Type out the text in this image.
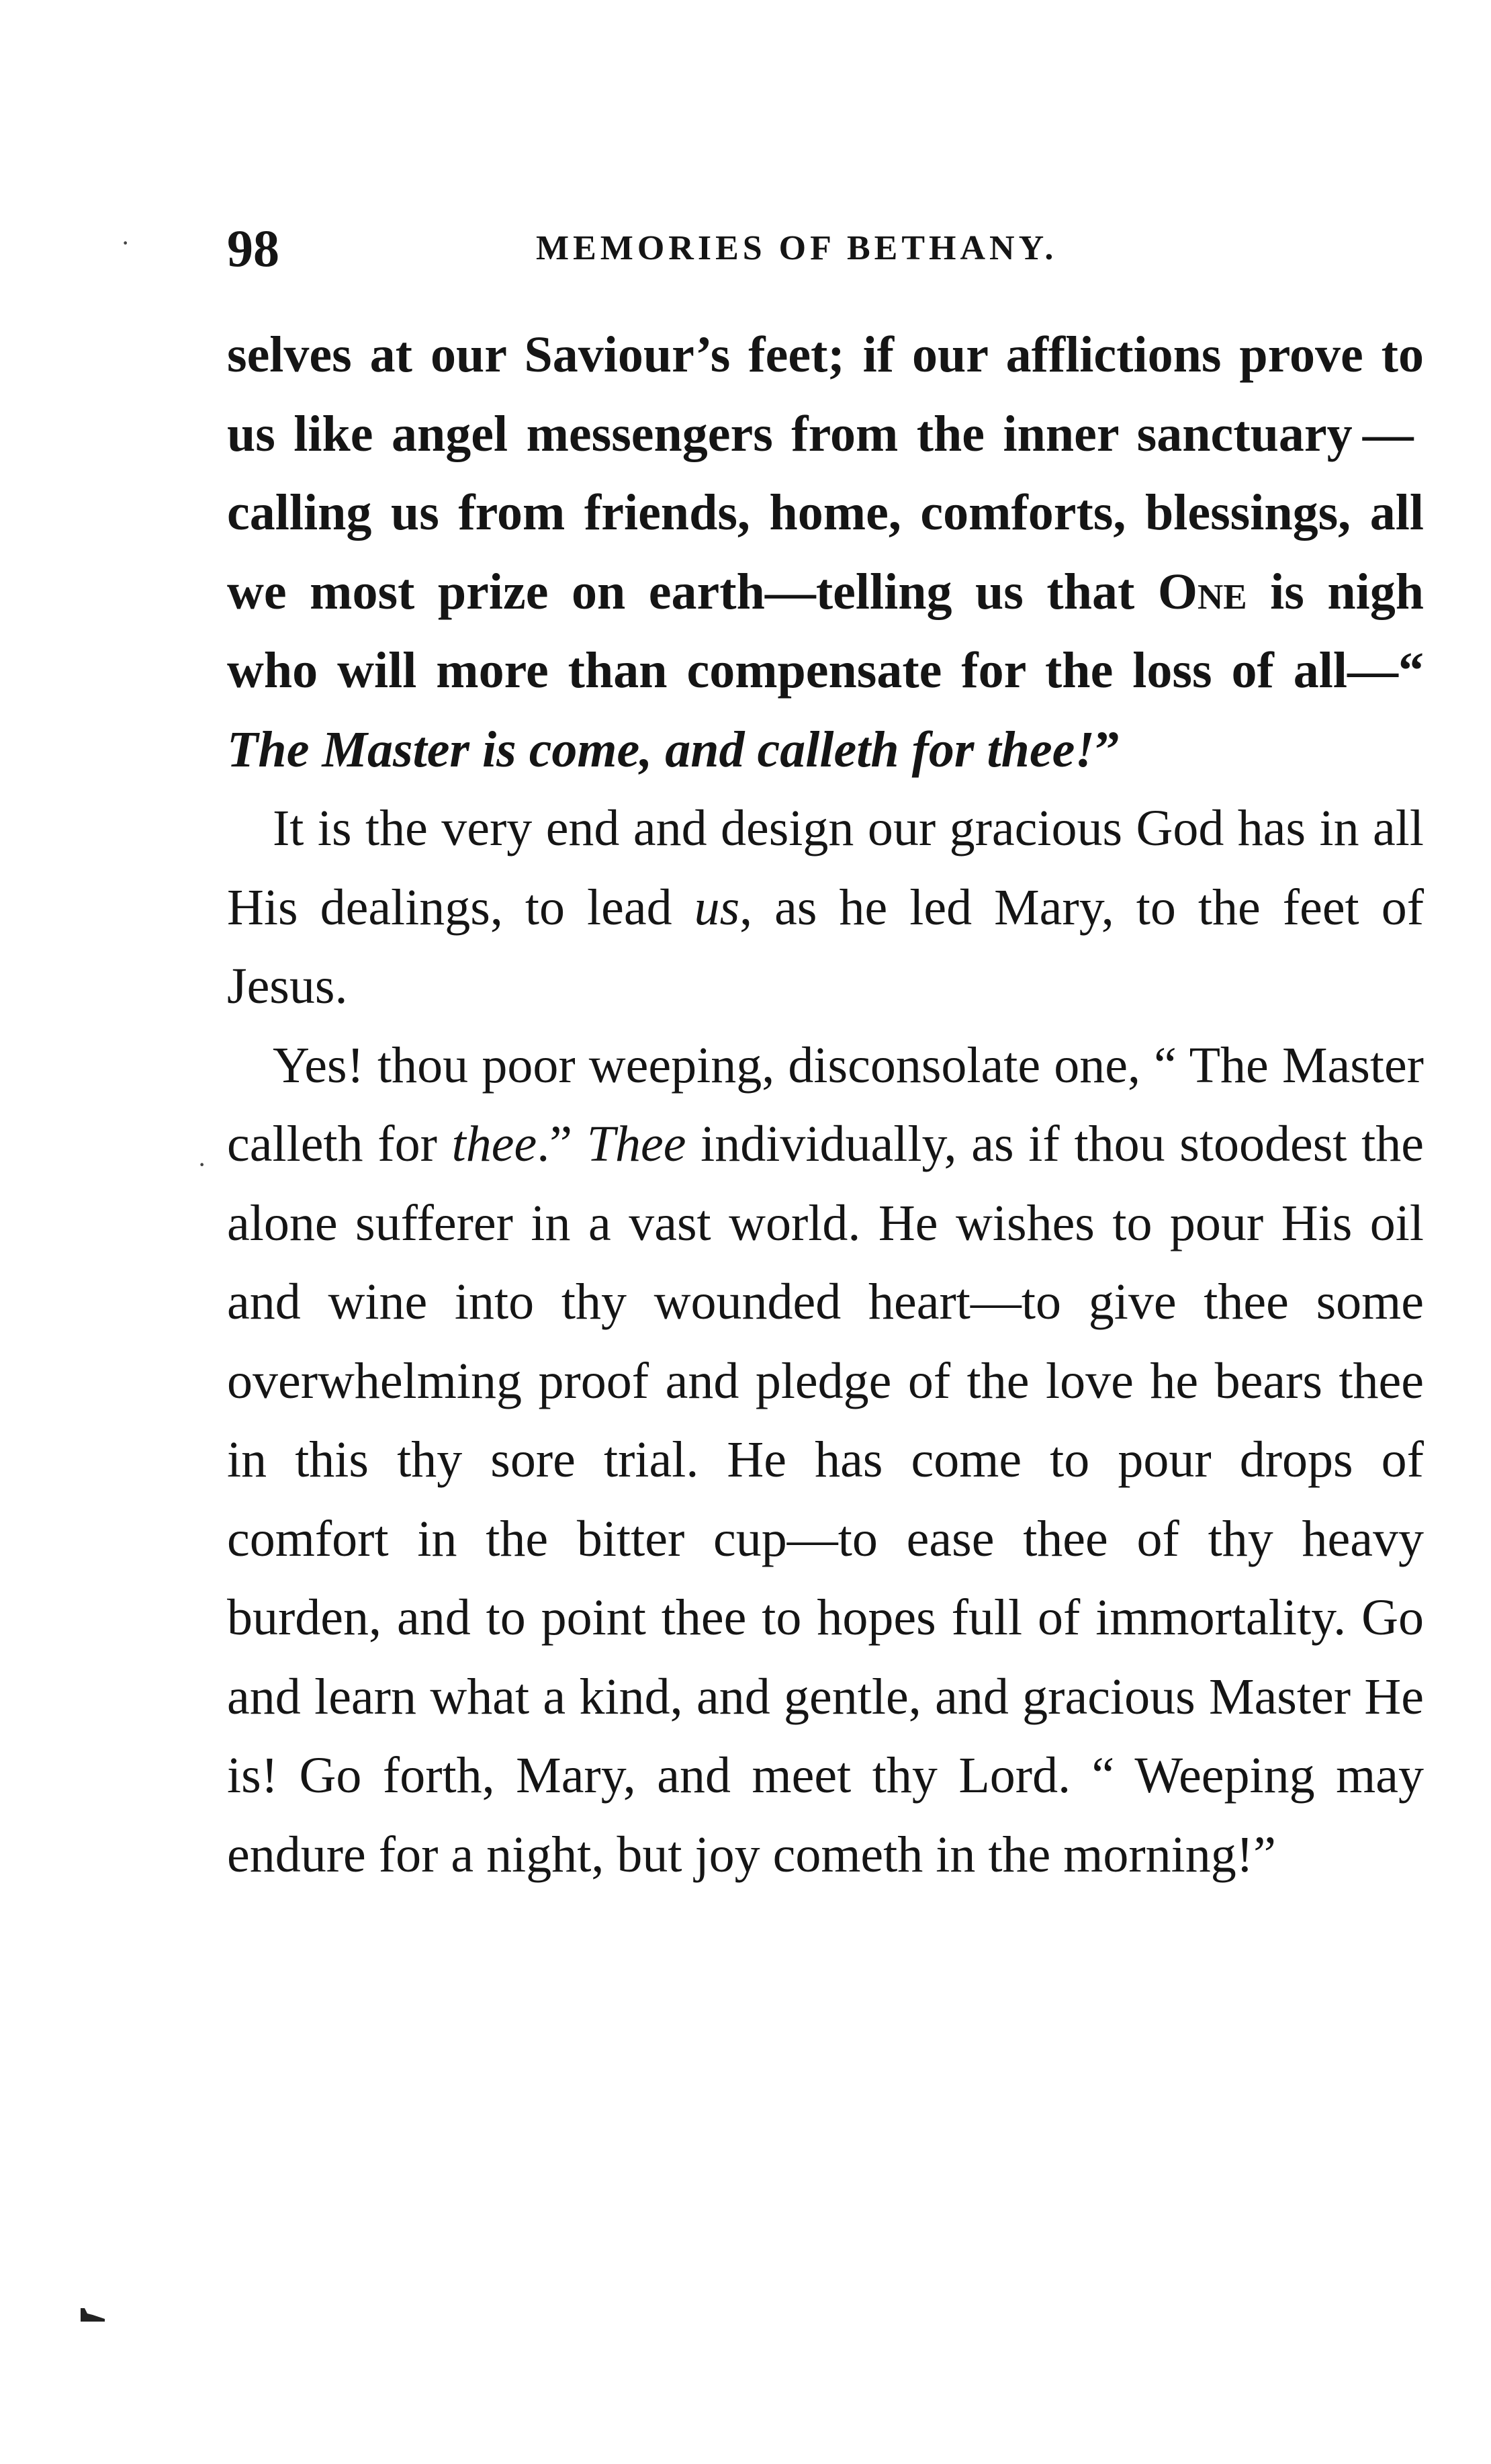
·
·
98	MEMORIES OF BETHANY.

selves at our Saviour’s feet; if our afflictions prove to us like angel messengers from the inner sanctuary — calling us from friends, home, comforts, blessings, all we most prize on earth—telling us that One is nigh who will more than compensate for the loss of all—“ The Master is come, and calleth for thee!”

It is the very end and design our gracious God has in all His dealings, to lead us, as he led Mary, to the feet of Jesus.

Yes! thou poor weeping, disconsolate one, “ The Master calleth for thee.” Thee individually, as if thou stoodest the alone sufferer in a vast world. He wishes to pour His oil and wine into thy wounded heart—to give thee some overwhelming proof and pledge of the love he bears thee in this thy sore trial. He has come to pour drops of comfort in the bitter cup—to ease thee of thy heavy burden, and to point thee to hopes full of immortality. Go and learn what a kind, and gentle, and gracious Master He is! Go forth, Mary, and meet thy Lord. “ Weeping may endure for a night, but joy cometh in the morning!”
